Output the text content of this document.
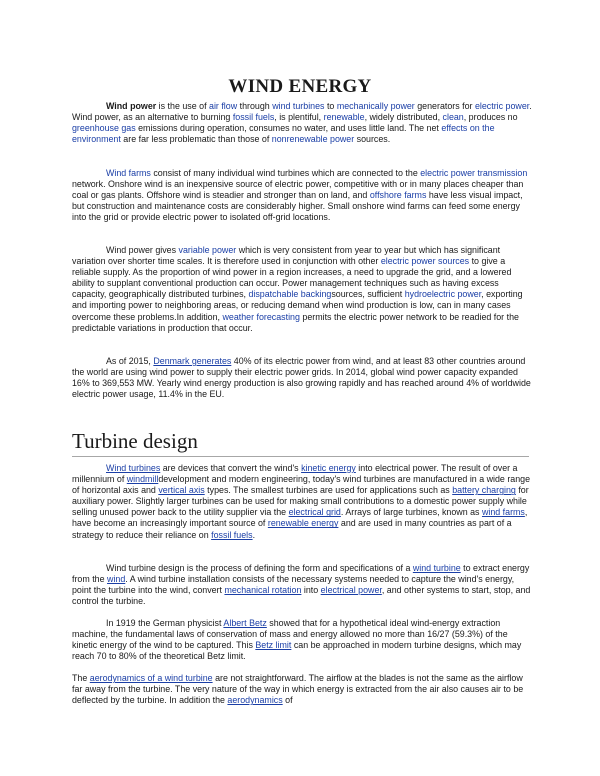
WIND ENERGY

Wind power is the use of air flow through wind turbines to mechanically power generators for electric power. Wind power, as an alternative to burning fossil fuels, is plentiful, renewable, widely distributed, clean, produces no greenhouse gas emissions during operation, consumes no water, and uses little land. The net effects on the environment are far less problematic than those of nonrenewable power sources.

Wind farms consist of many individual wind turbines which are connected to the electric power transmission network. Onshore wind is an inexpensive source of electric power, competitive with or in many places cheaper than coal or gas plants. Offshore wind is steadier and stronger than on land, and offshore farms have less visual impact, but construction and maintenance costs are considerably higher. Small onshore wind farms can feed some energy into the grid or provide electric power to isolated off-grid locations.

Wind power gives variable power which is very consistent from year to year but which has significant variation over shorter time scales. It is therefore used in conjunction with other electric power sources to give a reliable supply. As the proportion of wind power in a region increases, a need to upgrade the grid, and a lowered ability to supplant conventional production can occur. Power management techniques such as having excess capacity, geographically distributed turbines, dispatchable backingsources, sufficient hydroelectric power, exporting and importing power to neighboring areas, or reducing demand when wind production is low, can in many cases overcome these problems.In addition, weather forecasting permits the electric power network to be readied for the predictable variations in production that occur.

As of 2015, Denmark generates 40% of its electric power from wind, and at least 83 other countries around the world are using wind power to supply their electric power grids. In 2014, global wind power capacity expanded 16% to 369,553 MW. Yearly wind energy production is also growing rapidly and has reached around 4% of worldwide electric power usage, 11.4% in the EU.

Turbine design

Wind turbines are devices that convert the wind's kinetic energy into electrical power. The result of over a millennium of windmilldevelopment and modern engineering, today's wind turbines are manufactured in a wide range of horizontal axis and vertical axis types. The smallest turbines are used for applications such as battery charging for auxiliary power. Slightly larger turbines can be used for making small contributions to a domestic power supply while selling unused power back to the utility supplier via the electrical grid. Arrays of large turbines, known as wind farms, have become an increasingly important source of renewable energy and are used in many countries as part of a strategy to reduce their reliance on fossil fuels.

Wind turbine design is the process of defining the form and specifications of a wind turbine to extract energy from the wind. A wind turbine installation consists of the necessary systems needed to capture the wind's energy, point the turbine into the wind, convert mechanical rotation into electrical power, and other systems to start, stop, and control the turbine.

In 1919 the German physicist Albert Betz showed that for a hypothetical ideal wind-energy extraction machine, the fundamental laws of conservation of mass and energy allowed no more than 16/27 (59.3%) of the kinetic energy of the wind to be captured. This Betz limit can be approached in modern turbine designs, which may reach 70 to 80% of the theoretical Betz limit.

The aerodynamics of a wind turbine are not straightforward. The airflow at the blades is not the same as the airflow far away from the turbine. The very nature of the way in which energy is extracted from the air also causes air to be deflected by the turbine. In addition the aerodynamics of
